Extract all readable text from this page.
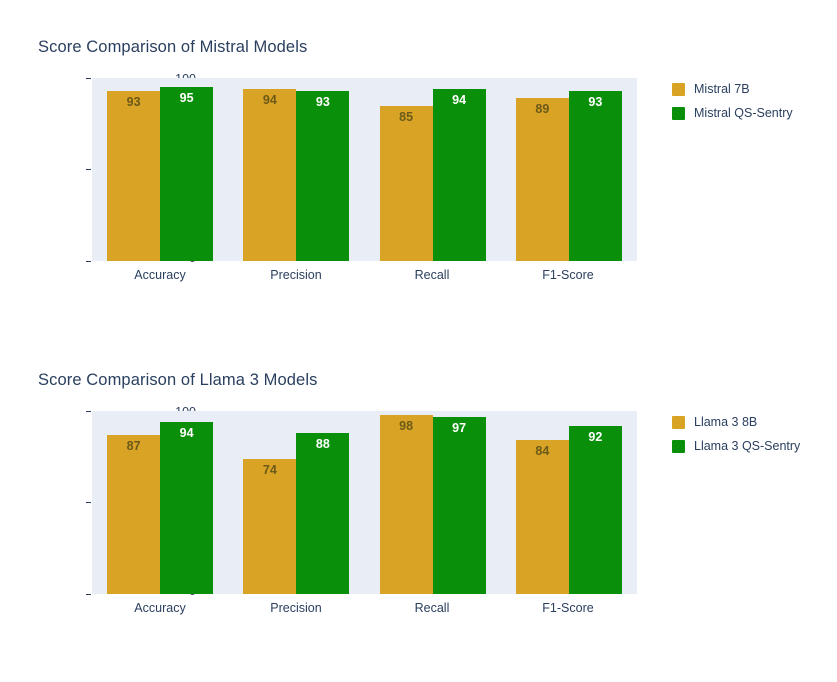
Score Comparison of Mistral Models
93	95	94	93
85
94
89	93
Accuracy	Precision	Recall	F1-Score
Mistral 7B
Mistral QS-Sentry
Score Comparison of Llama 3 Models
87
94
74
88
98	97
84
92
Accuracy	Precision	Recall	F1-Score
Llama 3 8B
Llama 3 QS-Sentry
